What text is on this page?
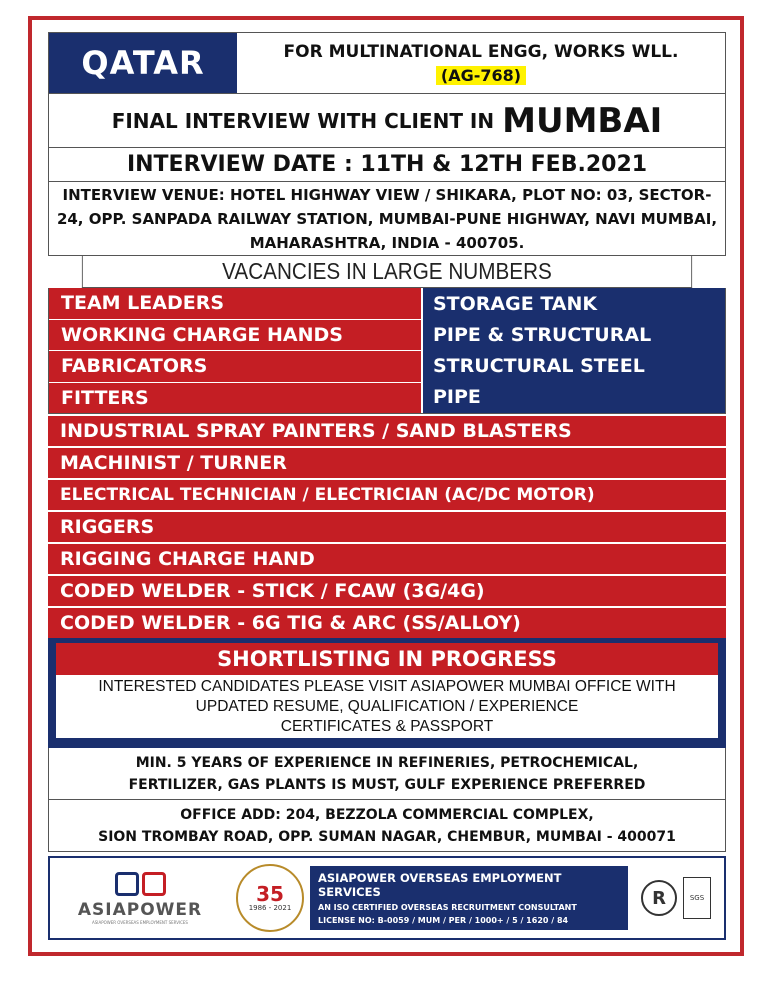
QATAR	FOR MULTINATIONAL ENGG, WORKS WLL.
(AG-768)
FINAL INTERVIEW WITH CLIENT IN MUMBAI
INTERVIEW DATE : 11TH & 12TH FEB.2021
INTERVIEW VENUE: HOTEL HIGHWAY VIEW / SHIKARA, PLOT NO: 03, SECTOR-24, OPP. SANPADA RAILWAY STATION, MUMBAI-PUNE HIGHWAY, NAVI MUMBAI, MAHARASHTRA, INDIA - 400705.
VACANCIES IN LARGE NUMBERS
TEAM LEADERS
WORKING CHARGE HANDS
FABRICATORS
FITTERS
STORAGE TANK
PIPE & STRUCTURAL
STRUCTURAL STEEL
PIPE
INDUSTRIAL SPRAY PAINTERS / SAND BLASTERS
MACHINIST / TURNER
ELECTRICAL TECHNICIAN / ELECTRICIAN (AC/DC MOTOR)
RIGGERS
RIGGING CHARGE HAND
CODED WELDER - STICK / FCAW (3G/4G)
CODED WELDER - 6G TIG & ARC (SS/ALLOY)
SHORTLISTING IN PROGRESS
INTERESTED CANDIDATES PLEASE VISIT ASIAPOWER MUMBAI OFFICE WITH
UPDATED RESUME, QUALIFICATION / EXPERIENCE
CERTIFICATES & PASSPORT
MIN. 5 YEARS OF EXPERIENCE IN REFINERIES, PETROCHEMICAL,
FERTILIZER, GAS PLANTS IS MUST, GULF EXPERIENCE PREFERRED
OFFICE ADD: 204, BEZZOLA COMMERCIAL COMPLEX,
SION TROMBAY ROAD, OPP. SUMAN NAGAR, CHEMBUR, MUMBAI - 400071
ASIAPOWER
ASIAPOWER OVERSEAS EMPLOYMENT SERVICES
35
1986 - 2021
ASIAPOWER OVERSEAS EMPLOYMENT SERVICES
AN ISO CERTIFIED OVERSEAS RECRUITMENT CONSULTANT
LICENSE NO: B-0059 / MUM / PER / 1000+ / 5 / 1620 / 84
R	SGS
